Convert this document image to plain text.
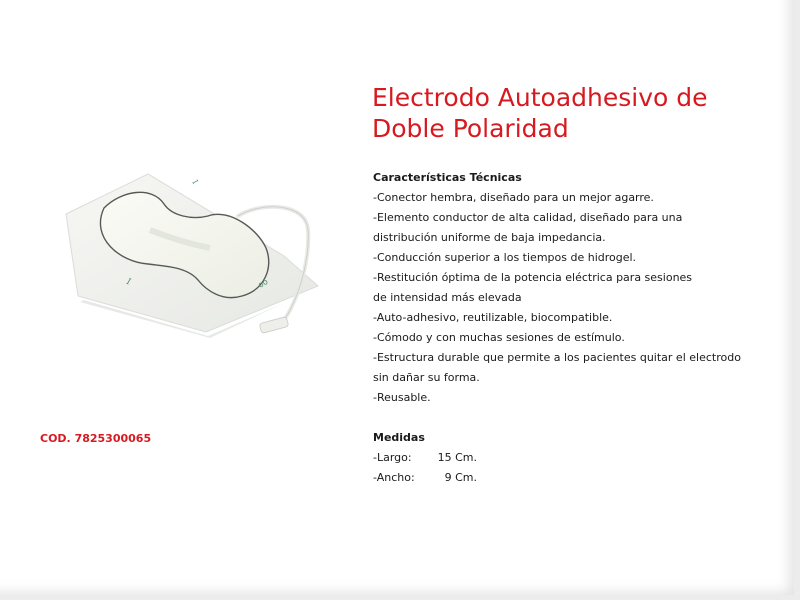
ꟷ
ꟷ
oo
Electrodo Autoadhesivo de
Doble Polaridad
Características Técnicas
-Conector hembra, diseñado para un mejor agarre.
-Elemento conductor de alta calidad, diseñado para una
distribución uniforme de baja impedancia.
-Conducción superior a los tiempos de hidrogel.
-Restitución óptima de la potencia eléctrica para sesiones
de intensidad más elevada
-Auto-adhesivo, reutilizable, biocompatible.
-Cómodo y con muchas sesiones de estímulo.
-Estructura durable que permite a los pacientes quitar el electrodo
sin dañar su forma.
-Reusable.
Medidas
-Largo: 15 Cm.
-Ancho:	9 Cm.
COD. 7825300065
